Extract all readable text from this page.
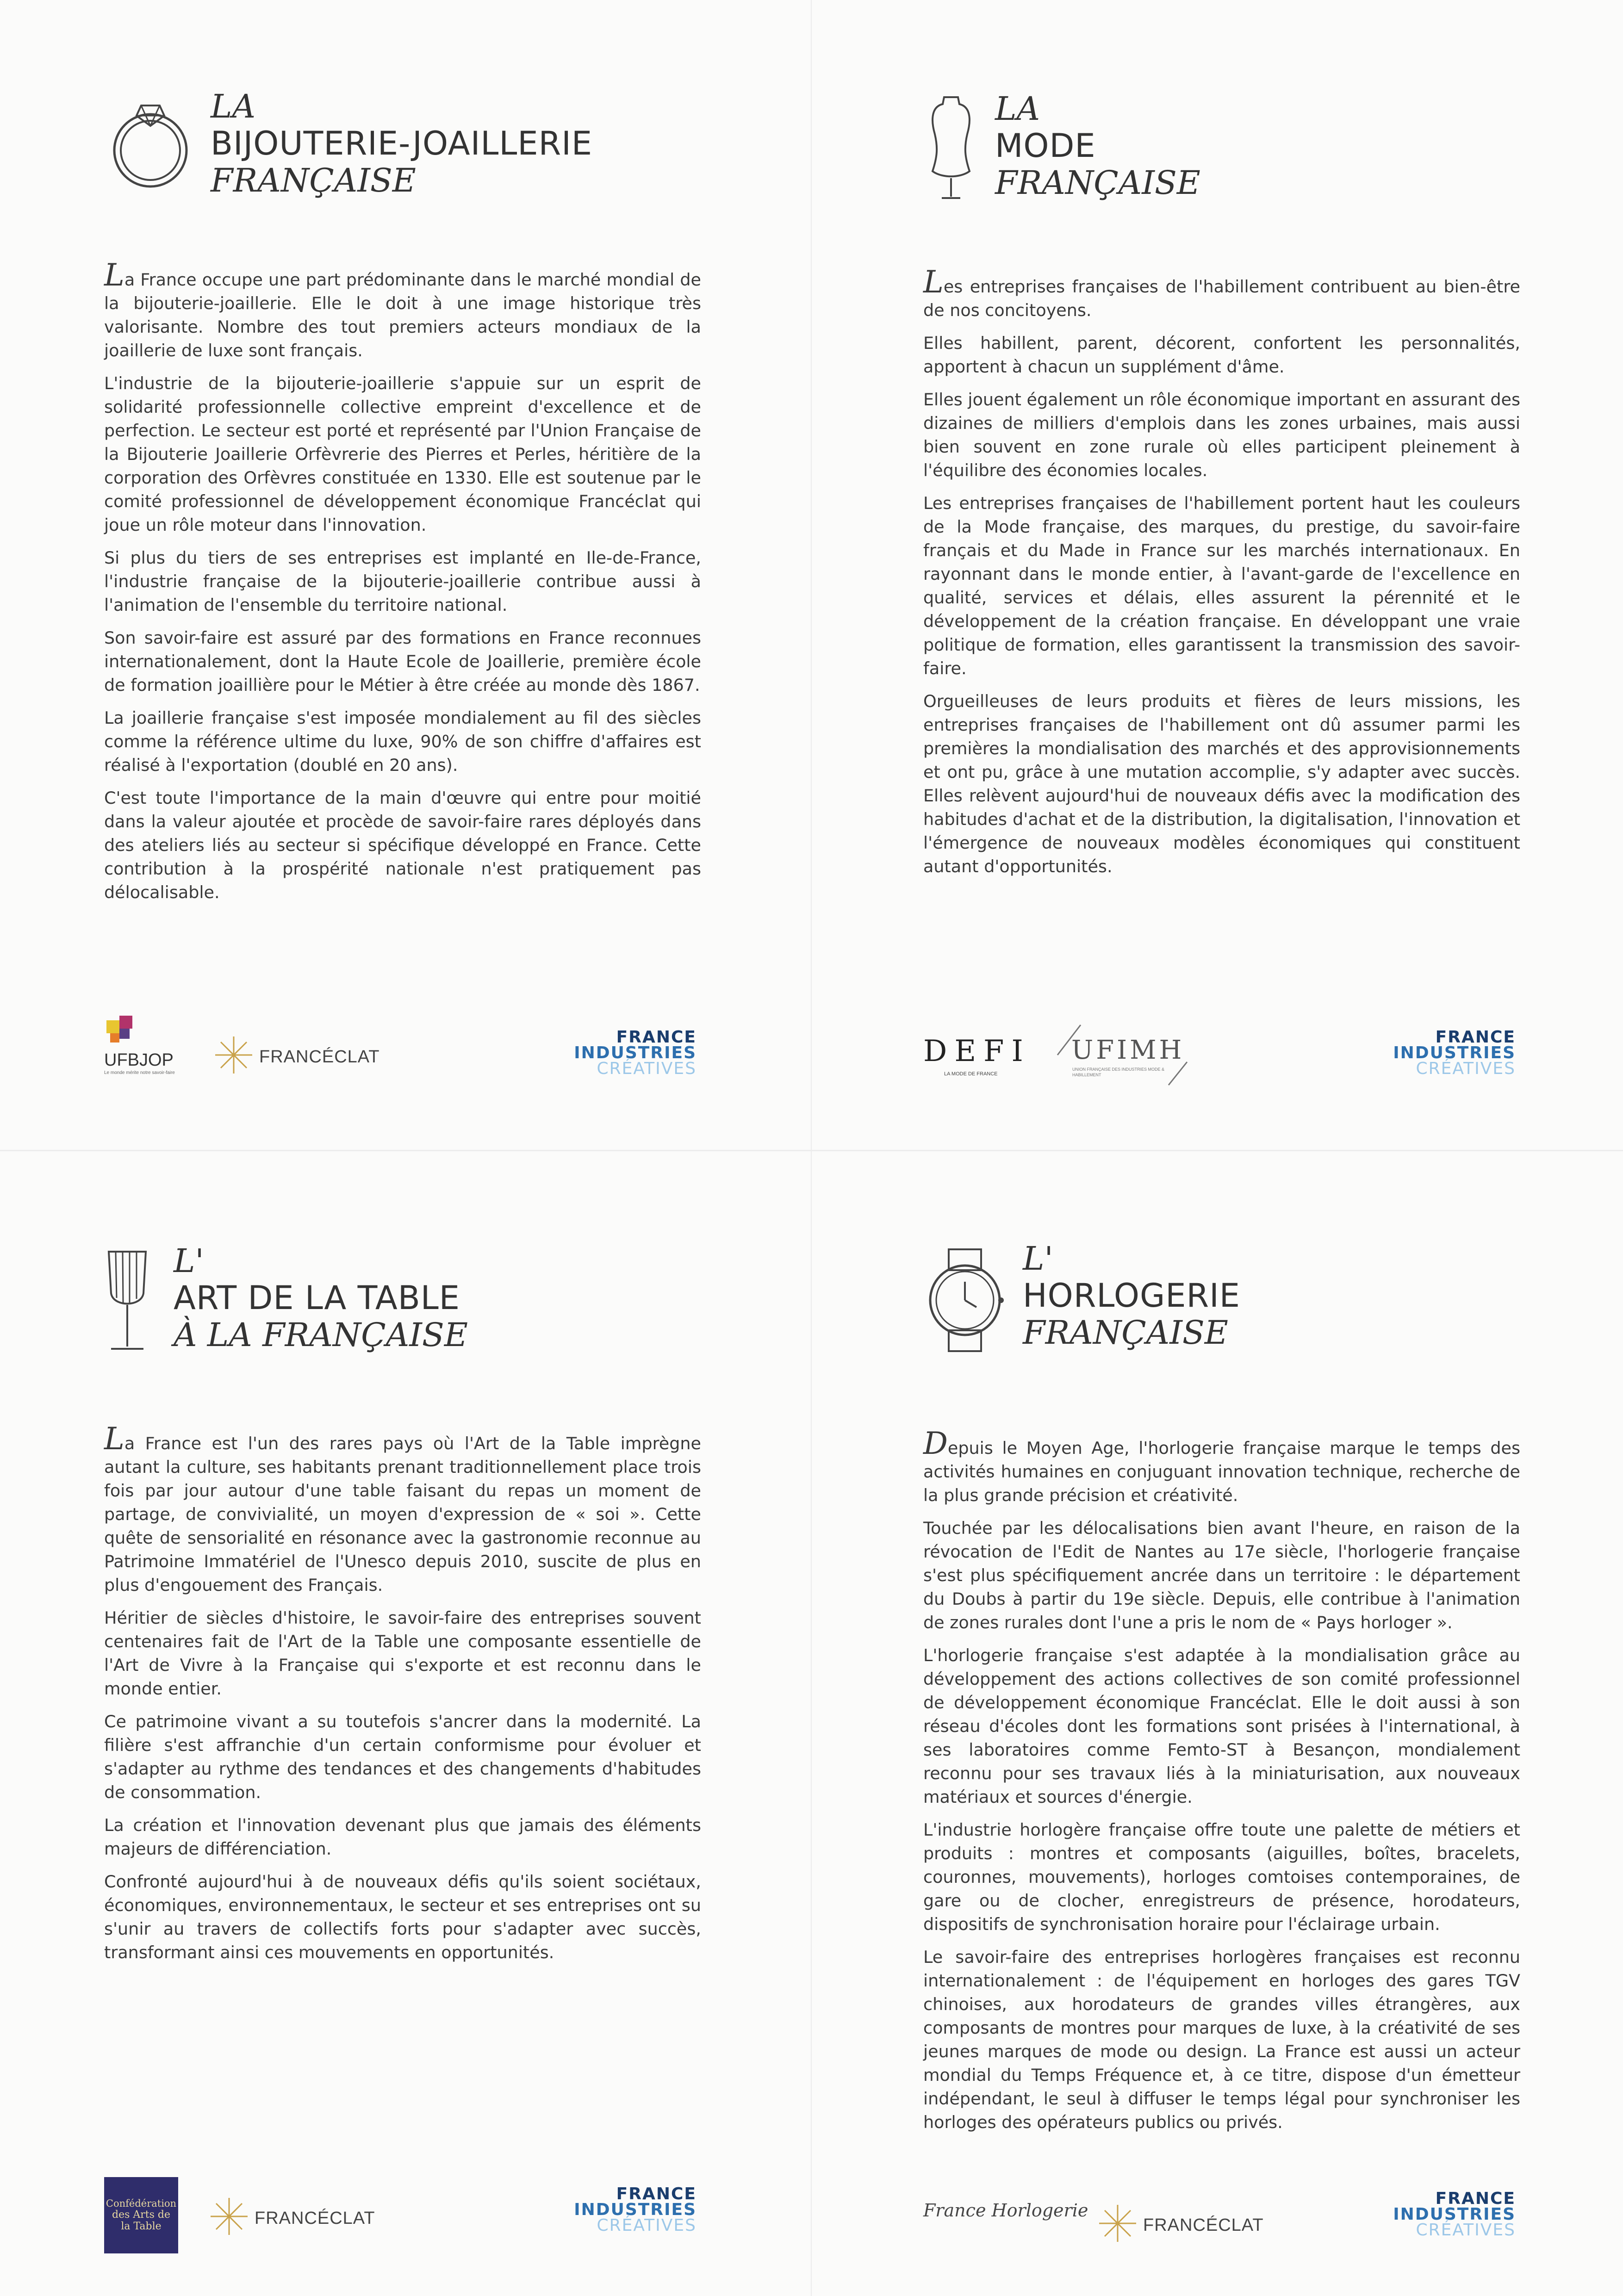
LA
BIJOUTERIE-JOAILLERIE
FRANÇAISE

La France occupe une part prédominante dans le marché mondial de la bijouterie-joaillerie. Elle le doit à une image historique très valorisante. Nombre des tout premiers acteurs mondiaux de la joaillerie de luxe sont français.

L'industrie de la bijouterie-joaillerie s'appuie sur un esprit de solidarité professionnelle collective empreint d'excellence et de perfection. Le secteur est porté et représenté par l'Union Française de la Bijouterie Joaillerie Orfèvrerie des Pierres et Perles, héritière de la corporation des Orfèvres constituée en 1330. Elle est soutenue par le comité professionnel de développement économique Francéclat qui joue un rôle moteur dans l'innovation.

Si plus du tiers de ses entreprises est implanté en Ile-de-France, l'industrie française de la bijouterie-joaillerie contribue aussi à l'animation de l'ensemble du territoire national.

Son savoir-faire est assuré par des formations en France reconnues internationalement, dont la Haute Ecole de Joaillerie, première école de formation joaillière pour le Métier à être créée au monde dès 1867.

La joaillerie française s'est imposée mondialement au fil des siècles comme la référence ultime du luxe, 90% de son chiffre d'affaires est réalisé à l'exportation (doublé en 20 ans).

C'est toute l'importance de la main d'œuvre qui entre pour moitié dans la valeur ajoutée et procède de savoir-faire rares déployés dans des ateliers liés au secteur si spécifique développé en France. Cette contribution à la prospérité nationale n'est pratiquement pas délocalisable.

UFBJOP
Le monde mérite notre savoir-faire
FRANCÉCLAT
FRANCE
INDUSTRIES
CRÉATIVES
LA
MODE
FRANÇAISE

Les entreprises françaises de l'habillement contribuent au bien-être de nos concitoyens.

Elles habillent, parent, décorent, confortent les personnalités, apportent à chacun un supplément d'âme.

Elles jouent également un rôle économique important en assurant des dizaines de milliers d'emplois dans les zones urbaines, mais aussi bien souvent en zone rurale où elles participent pleinement à l'équilibre des économies locales.

Les entreprises françaises de l'habillement portent haut les couleurs de la Mode française, des marques, du prestige, du savoir-faire français et du Made in France sur les marchés internationaux. En rayonnant dans le monde entier, à l'avant-garde de l'excellence en qualité, services et délais, elles assurent la pérennité et le développement de la création française. En développant une vraie politique de formation, elles garantissent la transmission des savoir-faire.

Orgueilleuses de leurs produits et fières de leurs missions, les entreprises françaises de l'habillement ont dû assumer parmi les premières la mondialisation des marchés et des approvisionnements et ont pu, grâce à une mutation accomplie, s'y adapter avec succès. Elles relèvent aujourd'hui de nouveaux défis avec la modification des habitudes d'achat et de la distribution, la digitalisation, l'innovation et l'émergence de nouveaux modèles économiques qui constituent autant d'opportunités.

DEFI
LA MODE DE FRANCE
UFIMH
UNION FRANÇAISE DES INDUSTRIES MODE & HABILLEMENT
FRANCE
INDUSTRIES
CRÉATIVES
L'
ART DE LA TABLE
À LA FRANÇAISE

La France est l'un des rares pays où l'Art de la Table imprègne autant la culture, ses habitants prenant traditionnellement place trois fois par jour autour d'une table faisant du repas un moment de partage, de convivialité, un moyen d'expression de « soi ». Cette quête de sensorialité en résonance avec la gastronomie reconnue au Patrimoine Immatériel de l'Unesco depuis 2010, suscite de plus en plus d'engouement des Français.

Héritier de siècles d'histoire, le savoir-faire des entreprises souvent centenaires fait de l'Art de la Table une composante essentielle de l'Art de Vivre à la Française qui s'exporte et est reconnu dans le monde entier.

Ce patrimoine vivant a su toutefois s'ancrer dans la modernité. La filière s'est affranchie d'un certain conformisme pour évoluer et s'adapter au rythme des tendances et des changements d'habitudes de consommation.

La création et l'innovation devenant plus que jamais des éléments majeurs de différenciation.

Confronté aujourd'hui à de nouveaux défis qu'ils soient sociétaux, économiques, environnementaux, le secteur et ses entreprises ont su s'unir au travers de collectifs forts pour s'adapter avec succès, transformant ainsi ces mouvements en opportunités.

Confédération
des Arts de
la Table	FRANCÉCLAT
FRANCE
INDUSTRIES
CRÉATIVES
L'
HORLOGERIE
FRANÇAISE

Depuis le Moyen Age, l'horlogerie française marque le temps des activités humaines en conjuguant innovation technique, recherche de la plus grande précision et créativité.

Touchée par les délocalisations bien avant l'heure, en raison de la révocation de l'Edit de Nantes au 17e siècle, l'horlogerie française s'est plus spécifiquement ancrée dans un territoire : le département du Doubs à partir du 19e siècle. Depuis, elle contribue à l'animation de zones rurales dont l'une a pris le nom de « Pays horloger ».

L'horlogerie française s'est adaptée à la mondialisation grâce au développement des actions collectives de son comité professionnel de développement économique Francéclat. Elle le doit aussi à son réseau d'écoles dont les formations sont prisées à l'international, à ses laboratoires comme Femto-ST à Besançon, mondialement reconnu pour ses travaux liés à la miniaturisation, aux nouveaux matériaux et sources d'énergie.

L'industrie horlogère française offre toute une palette de métiers et produits : montres et composants (aiguilles, boîtes, bracelets, couronnes, mouvements), horloges comtoises contemporaines, de gare ou de clocher, enregistreurs de présence, horodateurs, dispositifs de synchronisation horaire pour l'éclairage urbain.

Le savoir-faire des entreprises horlogères françaises est reconnu internationalement : de l'équipement en horloges des gares TGV chinoises, aux horodateurs de grandes villes étrangères, aux composants de montres pour marques de luxe, à la créativité de ses jeunes marques de mode ou design. La France est aussi un acteur mondial du Temps Fréquence et, à ce titre, dispose d'un émetteur indépendant, le seul à diffuser le temps légal pour synchroniser les horloges des opérateurs publics ou privés.

France Horlogerie
FRANCÉCLAT
FRANCE
INDUSTRIES
CRÉATIVES
